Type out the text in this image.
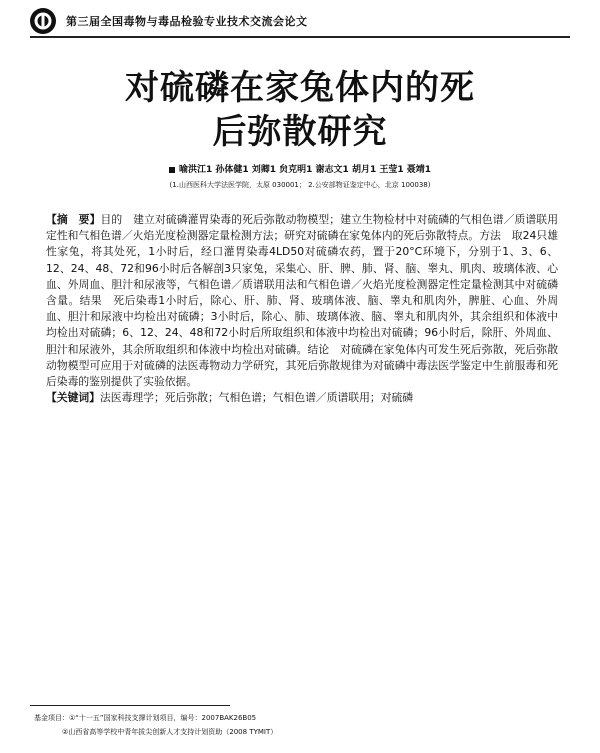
第三届全国毒物与毒品检验专业技术交流会论文
对硫磷在家兔体内的死
后弥散研究
喻洪江1 孙体健1 刘卿1 贠克明1 谢志文1 胡月1 王莹1 聂靖1
(1.山西医科大学法医学院，太原 030001； 2.公安部物证鉴定中心，北京 100038)

【摘　要】目的　建立对硫磷灌胃染毒的死后弥散动物模型；建立生物检材中对硫磷的气相色谱／质谱联用定性和气相色谱／火焰光度检测器定量检测方法；研究对硫磷在家兔体内的死后弥散特点。方法　取24只雄性家兔，将其处死，1小时后，经口灌胃染毒4LD50对硫磷农药，置于20°C环境下，分别于1、3、6、12、24、48、72和96小时后各解剖3只家兔，采集心、肝、脾、肺、肾、脑、睾丸、肌肉、玻璃体液、心血、外周血、胆汁和尿液等，气相色谱／质谱联用法和气相色谱／火焰光度检测器定性定量检测其中对硫磷含量。结果　死后染毒1小时后，除心、肝、肺、肾、玻璃体液、脑、睾丸和肌肉外，脾脏、心血、外周血、胆汁和尿液中均检出对硫磷；3小时后，除心、肺、玻璃体液、脑、睾丸和肌肉外，其余组织和体液中均检出对硫磷；6、12、24、48和72小时后所取组织和体液中均检出对硫磷；96小时后，除肝、外周血、胆汁和尿液外，其余所取组织和体液中均检出对硫磷。结论　对硫磷在家兔体内可发生死后弥散，死后弥散动物模型可应用于对硫磷的法医毒物动力学研究，其死后弥散规律为对硫磷中毒法医学鉴定中生前服毒和死后染毒的鉴别提供了实验依据。

【关键词】法医毒理学；死后弥散；气相色谱；气相色谱／质谱联用；对硫磷

基金项目：①“十一五”国家科技支撑计划项目，编号：2007BAK26B05
②山西省高等学校中青年拔尖创新人才支持计划资助（2008 TYMIT）
